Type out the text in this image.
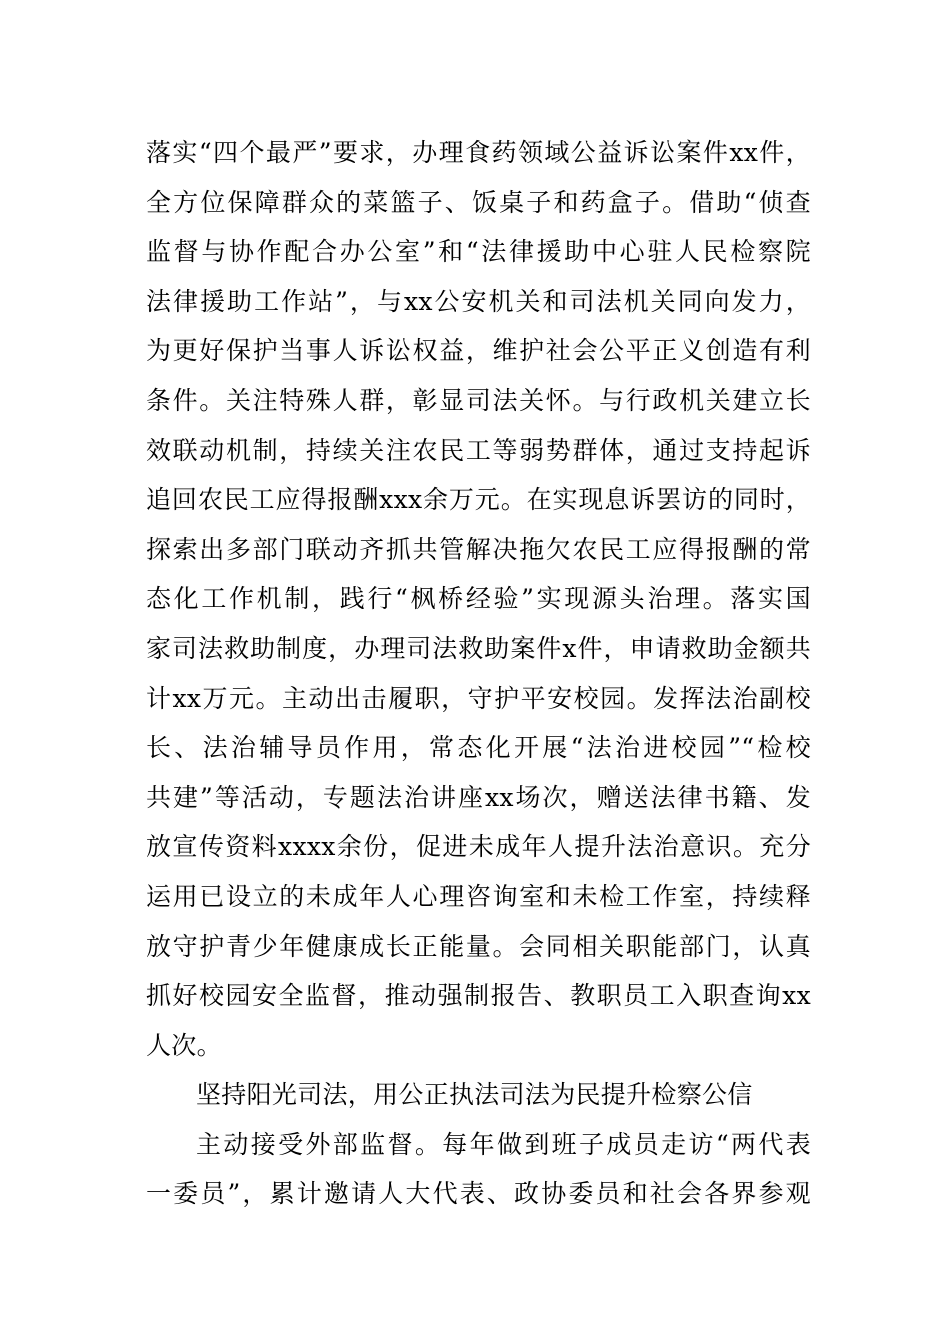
落实“四个最严”要求，办理食药领域公益诉讼案件xx件，
全方位保障群众的菜篮子、饭桌子和药盒子。借助“侦查
监督与协作配合办公室”和“法律援助中心驻人民检察院
法律援助工作站”，与xx公安机关和司法机关同向发力，
为更好保护当事人诉讼权益，维护社会公平正义创造有利
条件。关注特殊人群，彰显司法关怀。与行政机关建立长
效联动机制，持续关注农民工等弱势群体，通过支持起诉
追回农民工应得报酬xxx余万元。在实现息诉罢访的同时，
探索出多部门联动齐抓共管解决拖欠农民工应得报酬的常
态化工作机制，践行“枫桥经验”实现源头治理。落实国
家司法救助制度，办理司法救助案件x件，申请救助金额共
计xx万元。主动出击履职，守护平安校园。发挥法治副校
长、法治辅导员作用，常态化开展“法治进校园”“检校
共建”等活动，专题法治讲座xx场次，赠送法律书籍、发
放宣传资料xxxx余份，促进未成年人提升法治意识。充分
运用已设立的未成年人心理咨询室和未检工作室，持续释
放守护青少年健康成长正能量。会同相关职能部门，认真
抓好校园安全监督，推动强制报告、教职员工入职查询xx
人次。
坚持阳光司法，用公正执法司法为民提升检察公信
主动接受外部监督。每年做到班子成员走访“两代表
一委员”，累计邀请人大代表、政协委员和社会各界参观
